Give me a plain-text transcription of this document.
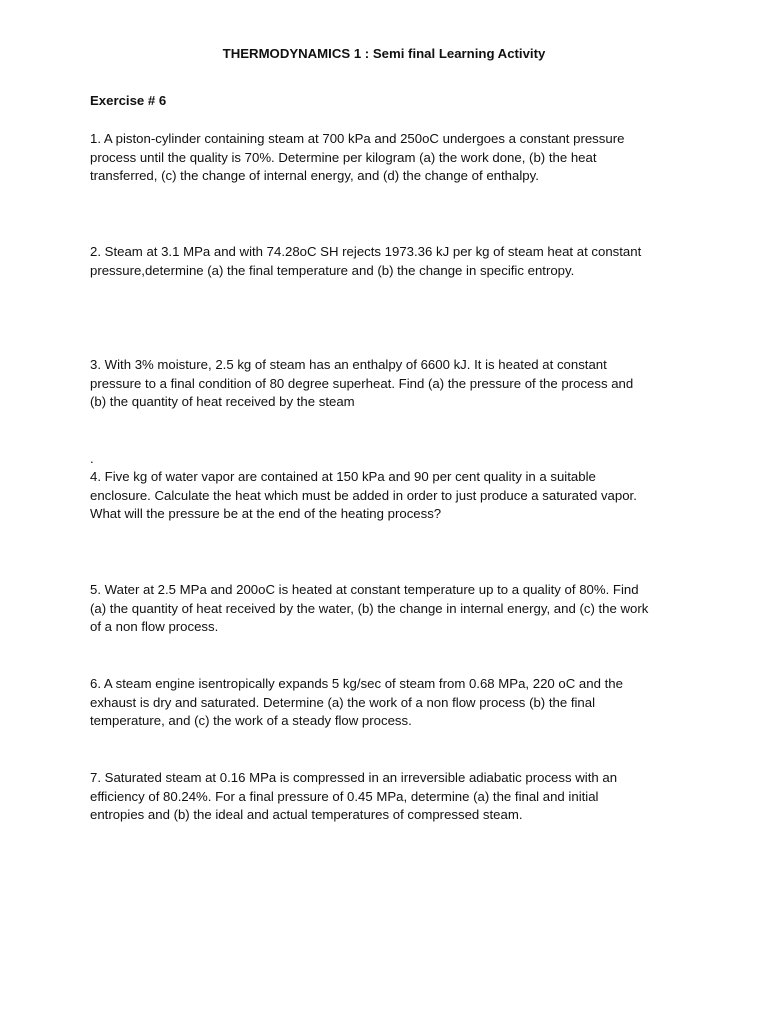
THERMODYNAMICS 1 : Semi final Learning Activity
Exercise # 6

1. A piston-cylinder containing steam at 700 kPa and 250oC undergoes a constant pressure
process until the quality is 70%. Determine per kilogram (a) the work done, (b) the heat
transferred, (c) the change of internal energy, and (d) the change of enthalpy.

2. Steam at 3.1 MPa and with 74.28oC SH rejects 1973.36 kJ per kg of steam heat at constant
pressure,determine (a) the final temperature and (b) the change in specific entropy.

3. With 3% moisture, 2.5 kg of steam has an enthalpy of 6600 kJ. It is heated at constant
pressure to a final condition of 80 degree superheat. Find (a) the pressure of the process and
(b) the quantity of heat received by the steam

.

4. Five kg of water vapor are contained at 150 kPa and 90 per cent quality in a suitable
enclosure. Calculate the heat which must be added in order to just produce a saturated vapor.
What will the pressure be at the end of the heating process?

5. Water at 2.5 MPa and 200oC is heated at constant temperature up to a quality of 80%. Find
(a) the quantity of heat received by the water, (b) the change in internal energy, and (c) the work
of a non flow process.

6. A steam engine isentropically expands 5 kg/sec of steam from 0.68 MPa, 220 oC and the
exhaust is dry and saturated. Determine (a) the work of a non flow process (b) the final
temperature, and (c) the work of a steady flow process.

7. Saturated steam at 0.16 MPa is compressed in an irreversible adiabatic process with an
efficiency of 80.24%. For a final pressure of 0.45 MPa, determine (a) the final and initial
entropies and (b) the ideal and actual temperatures of compressed steam.
